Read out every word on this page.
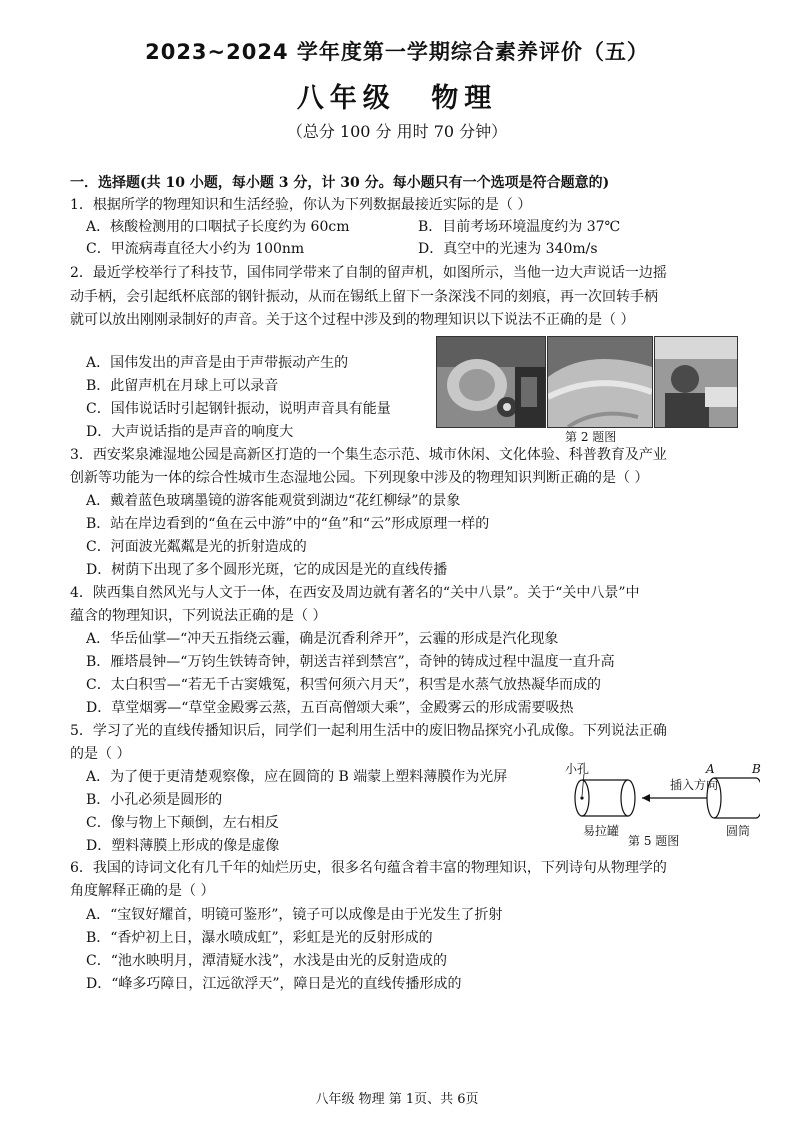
2023~2024 学年度第一学期综合素养评价（五）
八年级 物理
（总分 100 分 用时 70 分钟）
一．选择题(共 10 小题，每小题 3 分，计 30 分。每小题只有一个选项是符合题意的)
1．根据所学的物理知识和生活经验，你认为下列数据最接近实际的是（ ）
A．核酸检测用的口咽拭子长度约为 60cm	B．目前考场环境温度约为 37℃
C．甲流病毒直径大小约为 100nm	D．真空中的光速为 340m/s
2．最近学校举行了科技节，国伟同学带来了自制的留声机，如图所示，当他一边大声说话一边摇
动手柄，会引起纸杯底部的钢针振动，从而在锡纸上留下一条深浅不同的刻痕，再一次回转手柄
就可以放出刚刚录制好的声音。关于这个过程中涉及到的物理知识以下说法不正确的是（ ）
A．国伟发出的声音是由于声带振动产生的
B．此留声机在月球上可以录音
C．国伟说话时引起钢针振动，说明声音具有能量
D．大声说话指的是声音的响度大	第 2 题图
3．西安桨泉滩湿地公园是高新区打造的一个集生态示范、城市休闲、文化体验、科普教育及产业
创新等功能为一体的综合性城市生态湿地公园。下列现象中涉及的物理知识判断正确的是（ ）
A．戴着蓝色玻璃墨镜的游客能观赏到湖边“花红柳绿”的景象
B．站在岸边看到的“鱼在云中游”中的“鱼”和“云”形成原理一样的
C．河面波光粼粼是光的折射造成的
D．树荫下出现了多个圆形光斑，它的成因是光的直线传播
4．陕西集自然风光与人文于一体，在西安及周边就有著名的“关中八景”。关于“关中八景”中
蕴含的物理知识，下列说法正确的是（ ）
A．华岳仙掌—“冲天五指绕云霾，确是沉香利斧开”，云霾的形成是汽化现象
B．雁塔晨钟—“万钧生铁铸奇钟，朝送吉祥到禁宫”，奇钟的铸成过程中温度一直升高
C．太白积雪—“若无千古窦娥冤，积雪何须六月天”，积雪是水蒸气放热凝华而成的
D．草堂烟雾—“草堂金殿雾云蒸，五百高僧颂大乘”，金殿雾云的形成需要吸热
5．学习了光的直线传播知识后，同学们一起利用生活中的废旧物品探究小孔成像。下列说法正确
的是（ ）
A．为了便于更清楚观察像，应在圆筒的 B 端蒙上塑料薄膜作为光屏
B．小孔必须是圆形的
C．像与物上下颠倒，左右相反
D．塑料薄膜上形成的像是虚像
小孔
插入方向
A	B
易拉罐	圆筒
第 5 题图
6．我国的诗词文化有几千年的灿烂历史，很多名句蕴含着丰富的物理知识，下列诗句从物理学的
角度解释正确的是（ ）
A．“宝钗好耀首，明镜可鉴形”，镜子可以成像是由于光发生了折射
B．“香炉初上日，瀑水喷成虹”，彩虹是光的反射形成的
C．“池水映明月，潭清疑水浅”，水浅是由光的反射造成的
D．“峰多巧障日，江远欲浮天”，障日是光的直线传播形成的
八年级 物理 第 1页、共 6页
